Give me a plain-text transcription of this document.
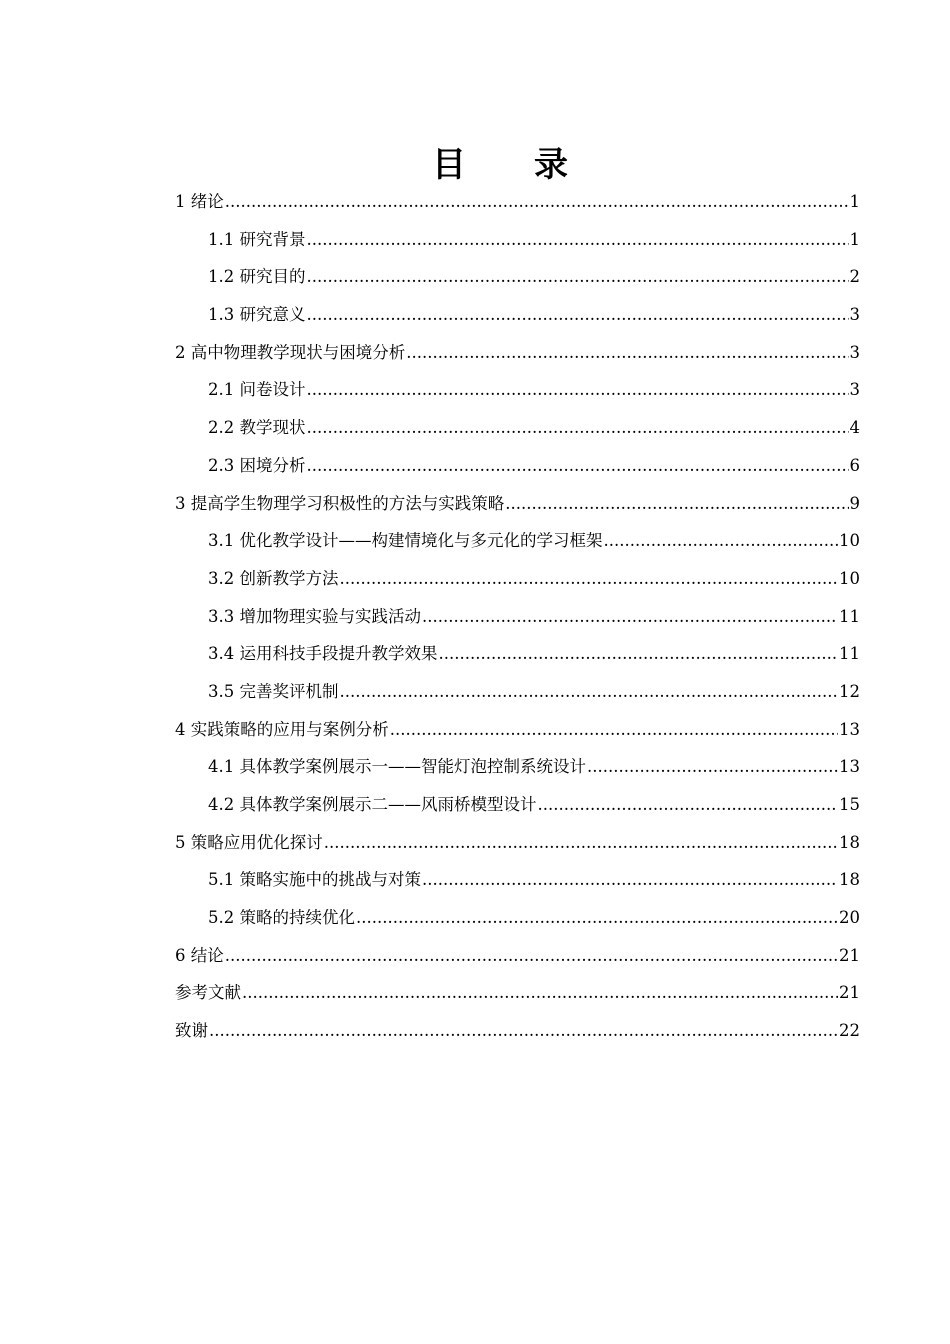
目 录
1 绪论 .....	1
1.1 研究背景 .....	1
1.2 研究目的 .....	2
1.3 研究意义 .....	3
2 高中物理教学现状与困境分析 .....	3
2.1 问卷设计 .....	3
2.2 教学现状 .....	4
2.3 困境分析 .....	6
3 提高学生物理学习积极性的方法与实践策略 .....	9
3.1 优化教学设计——构建情境化与多元化的学习框架 .....	10
3.2 创新教学方法 .....	10
3.3 增加物理实验与实践活动 .....	11
3.4 运用科技手段提升教学效果 .....	11
3.5 完善奖评机制 .....	12
4 实践策略的应用与案例分析 .....	13
4.1 具体教学案例展示一——智能灯泡控制系统设计 .....	13
4.2 具体教学案例展示二——风雨桥模型设计 .....	15
5 策略应用优化探讨 .....	18
5.1 策略实施中的挑战与对策 .....	18
5.2 策略的持续优化 .....	20
6 结论 .....	21
参考文献 .....	21
致谢 .....	22
